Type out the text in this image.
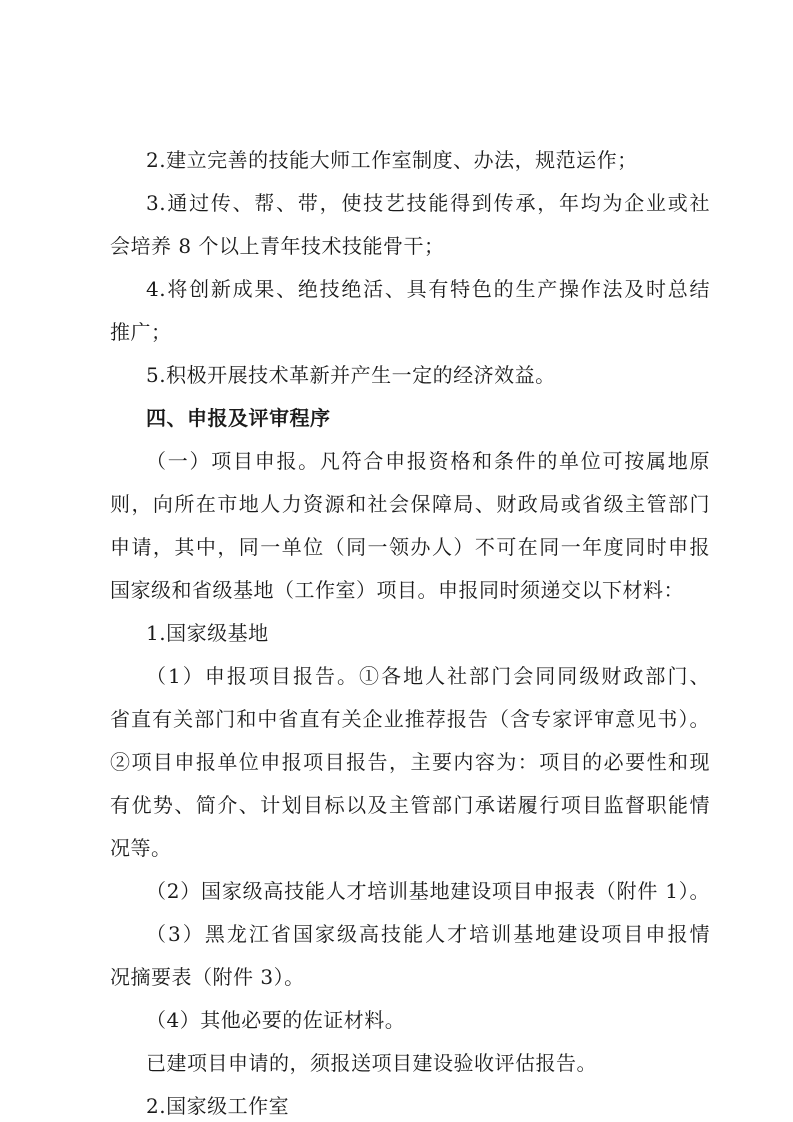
2.建立完善的技能大师工作室制度、办法，规范运作；
3.通过传、帮、带，使技艺技能得到传承，年均为企业或社
会培养 8 个以上青年技术技能骨干；
4.将创新成果、绝技绝活、具有特色的生产操作法及时总结
推广；
5.积极开展技术革新并产生一定的经济效益。
四、申报及评审程序
（一）项目申报。凡符合申报资格和条件的单位可按属地原
则，向所在市地人力资源和社会保障局、财政局或省级主管部门
申请，其中，同一单位（同一领办人）不可在同一年度同时申报
国家级和省级基地（工作室）项目。申报同时须递交以下材料：
1.国家级基地
（1）申报项目报告。①各地人社部门会同同级财政部门、
省直有关部门和中省直有关企业推荐报告（含专家评审意见书）。
②项目申报单位申报项目报告，主要内容为：项目的必要性和现
有优势、简介、计划目标以及主管部门承诺履行项目监督职能情
况等。
（2）国家级高技能人才培训基地建设项目申报表（附件 1）。
（3）黑龙江省国家级高技能人才培训基地建设项目申报情
况摘要表（附件 3）。
（4）其他必要的佐证材料。
已建项目申请的，须报送项目建设验收评估报告。
2.国家级工作室
